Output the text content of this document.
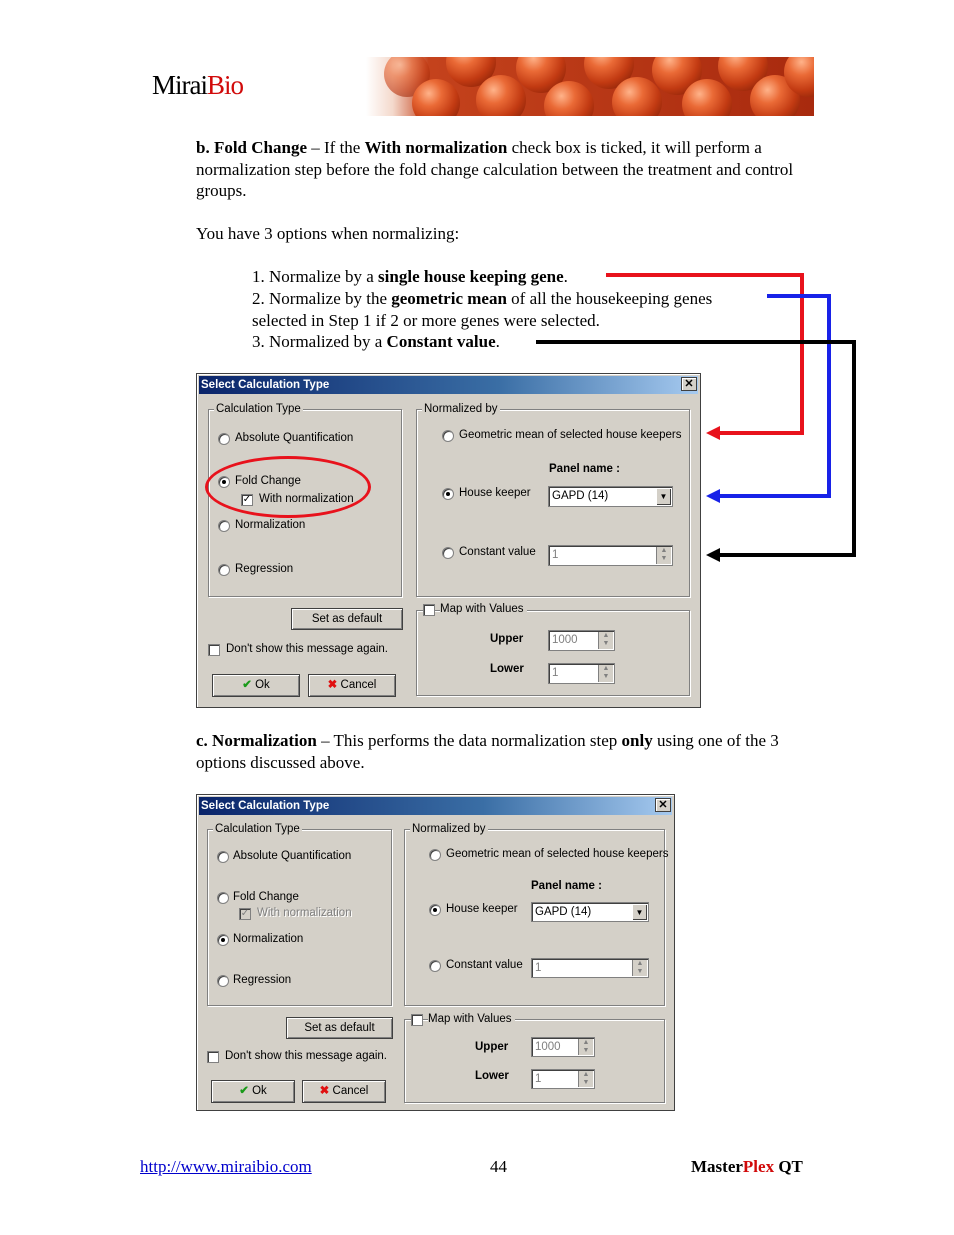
MiraiBio
b. Fold Change – If the With normalization check box is ticked, it will perform a normalization step before the fold change calculation between the treatment and control groups.
You have 3 options when normalizing:
1. Normalize by a single house keeping gene.
2. Normalize by the geometric mean of all the housekeeping genes selected in Step 1 if 2 or more genes were selected.
3. Normalized by a Constant value.
Select Calculation Type	✕
Calculation Type
Absolute Quantification
Fold Change
✓ With normalization
Normalization
Regression
Set as default
Don't show this message again.
✔ Ok	✖ Cancel
Normalized by
Geometric mean of selected house keepers
Panel name :
House keeper	GAPD (14)	▼
Constant value	1	▲
▼
Map with Values
Upper	1000	▲
▼
Lower	1	▲
▼
c. Normalization – This performs the data normalization step only using one of the 3 options discussed above.
Select Calculation Type	✕
Calculation Type
Absolute Quantification
Fold Change
✓ With normalization
Normalization
Regression
Set as default
Don't show this message again.
✔ Ok	✖ Cancel
Normalized by
Geometric mean of selected house keepers
Panel name :
House keeper	GAPD (14)	▼
Constant value	1	▲
▼
Map with Values
Upper	1000	▲
▼
Lower	1	▲
▼
http://www.miraibio.com	44	MasterPlex QT
